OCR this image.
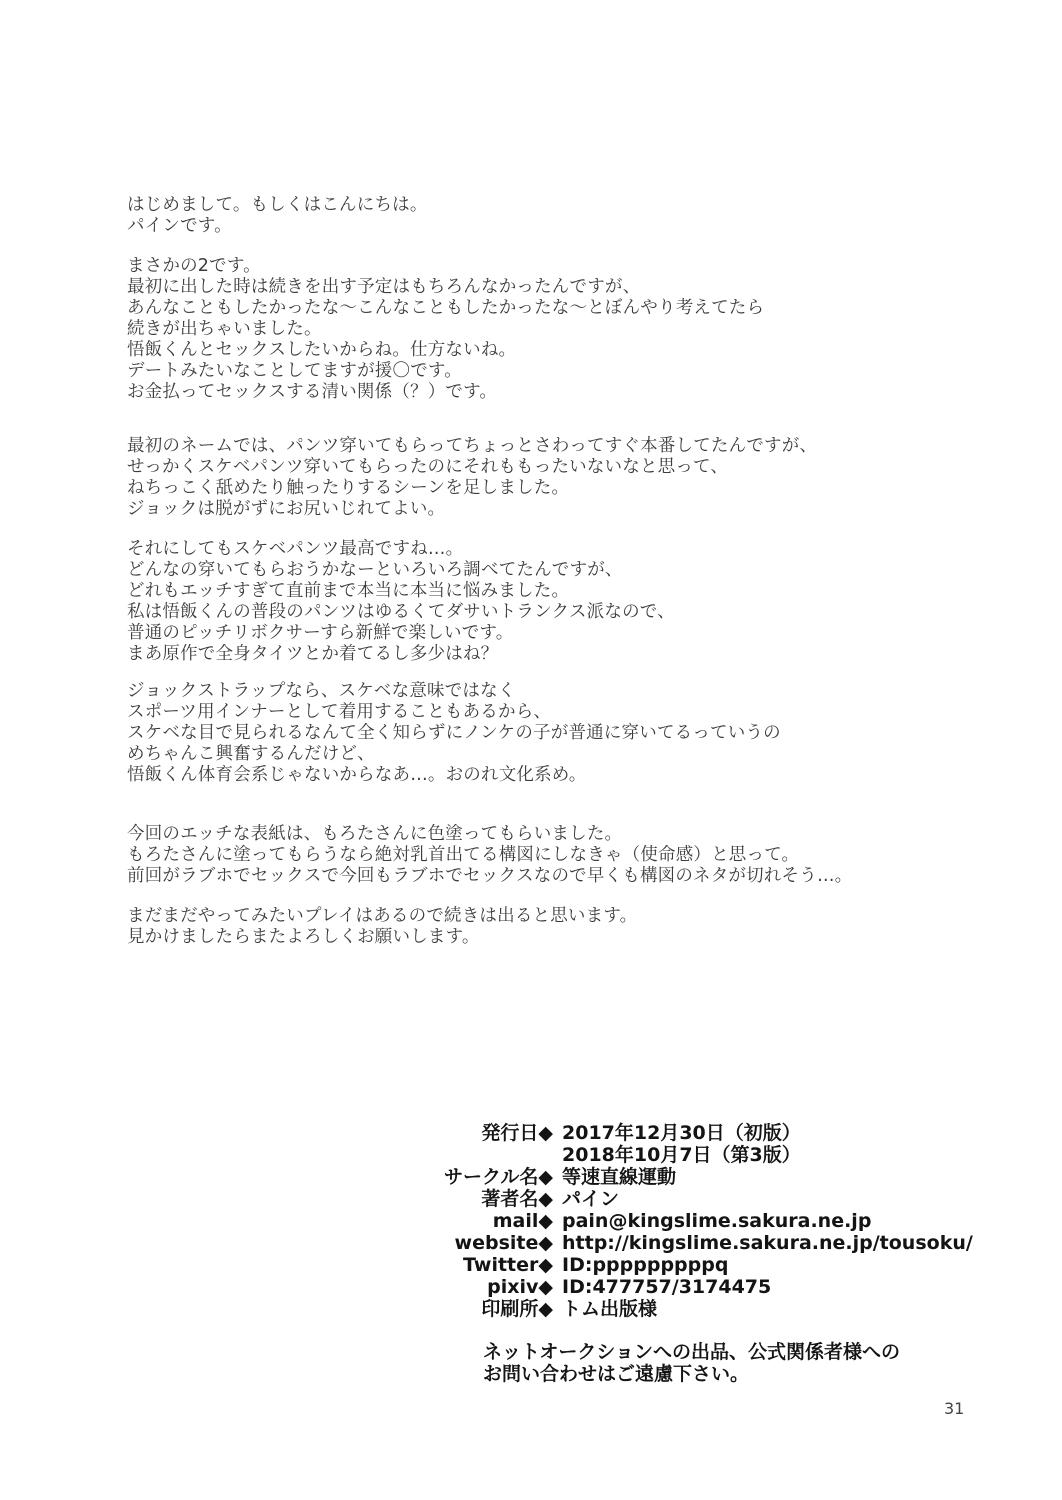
はじめまして。もしくはこんにちは。
パインです。
まさかの2です。
最初に出した時は続きを出す予定はもちろんなかったんですが、
あんなこともしたかったな～こんなこともしたかったな～とぼんやり考えてたら
続きが出ちゃいました。
悟飯くんとセックスしたいからね。仕方ないね。
デートみたいなことしてますが援〇です。
お金払ってセックスする清い関係（？）です。
最初のネームでは、パンツ穿いてもらってちょっとさわってすぐ本番してたんですが、
せっかくスケベパンツ穿いてもらったのにそれももったいないなと思って、
ねちっこく舐めたり触ったりするシーンを足しました。
ジョックは脱がずにお尻いじれてよい。
それにしてもスケベパンツ最高ですね…。
どんなの穿いてもらおうかなーといろいろ調べてたんですが、
どれもエッチすぎて直前まで本当に本当に悩みました。
私は悟飯くんの普段のパンツはゆるくてダサいトランクス派なので、
普通のピッチリボクサーすら新鮮で楽しいです。
まあ原作で全身タイツとか着てるし多少はね？
ジョックストラップなら、スケベな意味ではなく
スポーツ用インナーとして着用することもあるから、
スケベな目で見られるなんて全く知らずにノンケの子が普通に穿いてるっていうの
めちゃんこ興奮するんだけど、
悟飯くん体育会系じゃないからなあ…。おのれ文化系め。
今回のエッチな表紙は、もろたさんに色塗ってもらいました。
もろたさんに塗ってもらうなら絶対乳首出てる構図にしなきゃ（使命感）と思って。
前回がラブホでセックスで今回もラブホでセックスなので早くも構図のネタが切れそう…。
まだまだやってみたいプレイはあるので続きは出ると思います。
見かけましたらまたよろしくお願いします。
発行日◆ 2017年12月30日（初版）
2018年10月7日（第3版）
サークル名◆ 等速直線運動
著者名◆ パイン
mail◆ pain@kingslime.sakura.ne.jp
website◆ http://kingslime.sakura.ne.jp/tousoku/
Twitter◆ ID:pppppppppq
pixiv◆ ID:477757/3174475
印刷所◆ トム出版様
ネットオークションへの出品、公式関係者様への
お問い合わせはご遠慮下さい。
31
